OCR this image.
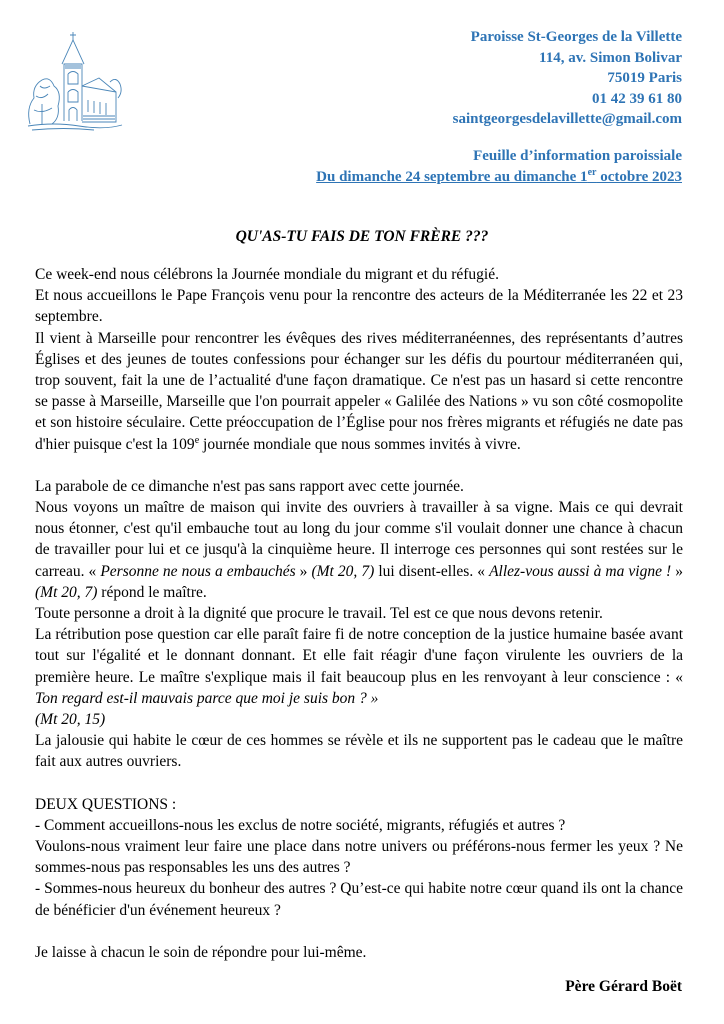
Paroisse St-Georges de la Villette
114, av. Simon Bolivar
75019 Paris
01 42 39 61 80
saintgeorgesdelavillette@gmail.com
Feuille d’information paroissiale
Du dimanche 24 septembre au dimanche 1er octobre 2023
QU'AS-TU FAIS DE TON FRÈRE ???

Ce week-end nous célébrons la Journée mondiale du migrant et du réfugié.

Et nous accueillons le Pape François venu pour la rencontre des acteurs de la Méditerranée les 22 et 23 septembre.

Il vient à Marseille pour rencontrer les évêques des rives méditerranéennes, des représentants d’autres Églises et des jeunes de toutes confessions pour échanger sur les défis du pourtour méditerranéen qui, trop souvent, fait la une de l’actualité d'une façon dramatique. Ce n'est pas un hasard si cette rencontre se passe à Marseille, Marseille que l'on pourrait appeler « Galilée des Nations » vu son côté cosmopolite et son histoire séculaire. Cette préoccupation de l’Église pour nos frères migrants et réfugiés ne date pas d'hier puisque c'est la 109e journée mondiale que nous sommes invités à vivre.

La parabole de ce dimanche n'est pas sans rapport avec cette journée.

Nous voyons un maître de maison qui invite des ouvriers à travailler à sa vigne. Mais ce qui devrait nous étonner, c'est qu'il embauche tout au long du jour comme s'il voulait donner une chance à chacun de travailler pour lui et ce jusqu'à la cinquième heure. Il interroge ces personnes qui sont restées sur le carreau. « Personne ne nous a embauchés » (Mt 20, 7) lui disent-elles. « Allez-vous aussi à ma vigne ! » (Mt 20, 7) répond le maître.

Toute personne a droit à la dignité que procure le travail. Tel est ce que nous devons retenir.

La rétribution pose question car elle paraît faire fi de notre conception de la justice humaine basée avant tout sur l'égalité et le donnant donnant. Et elle fait réagir d'une façon virulente les ouvriers de la première heure. Le maître s'explique mais il fait beaucoup plus en les renvoyant à leur conscience : « Ton regard est-il mauvais parce que moi je suis bon ? »
(Mt 20, 15)

La jalousie qui habite le cœur de ces hommes se révèle et ils ne supportent pas le cadeau que le maître fait aux autres ouvriers.

DEUX QUESTIONS :

- Comment accueillons-nous les exclus de notre société, migrants, réfugiés et autres ?

Voulons-nous vraiment leur faire une place dans notre univers ou préférons-nous fermer les yeux ? Ne sommes-nous pas responsables les uns des autres ?

- Sommes-nous heureux du bonheur des autres ? Qu’est-ce qui habite notre cœur quand ils ont la chance de bénéficier d'un événement heureux ?

Je laisse à chacun le soin de répondre pour lui-même.

Père Gérard Boët
